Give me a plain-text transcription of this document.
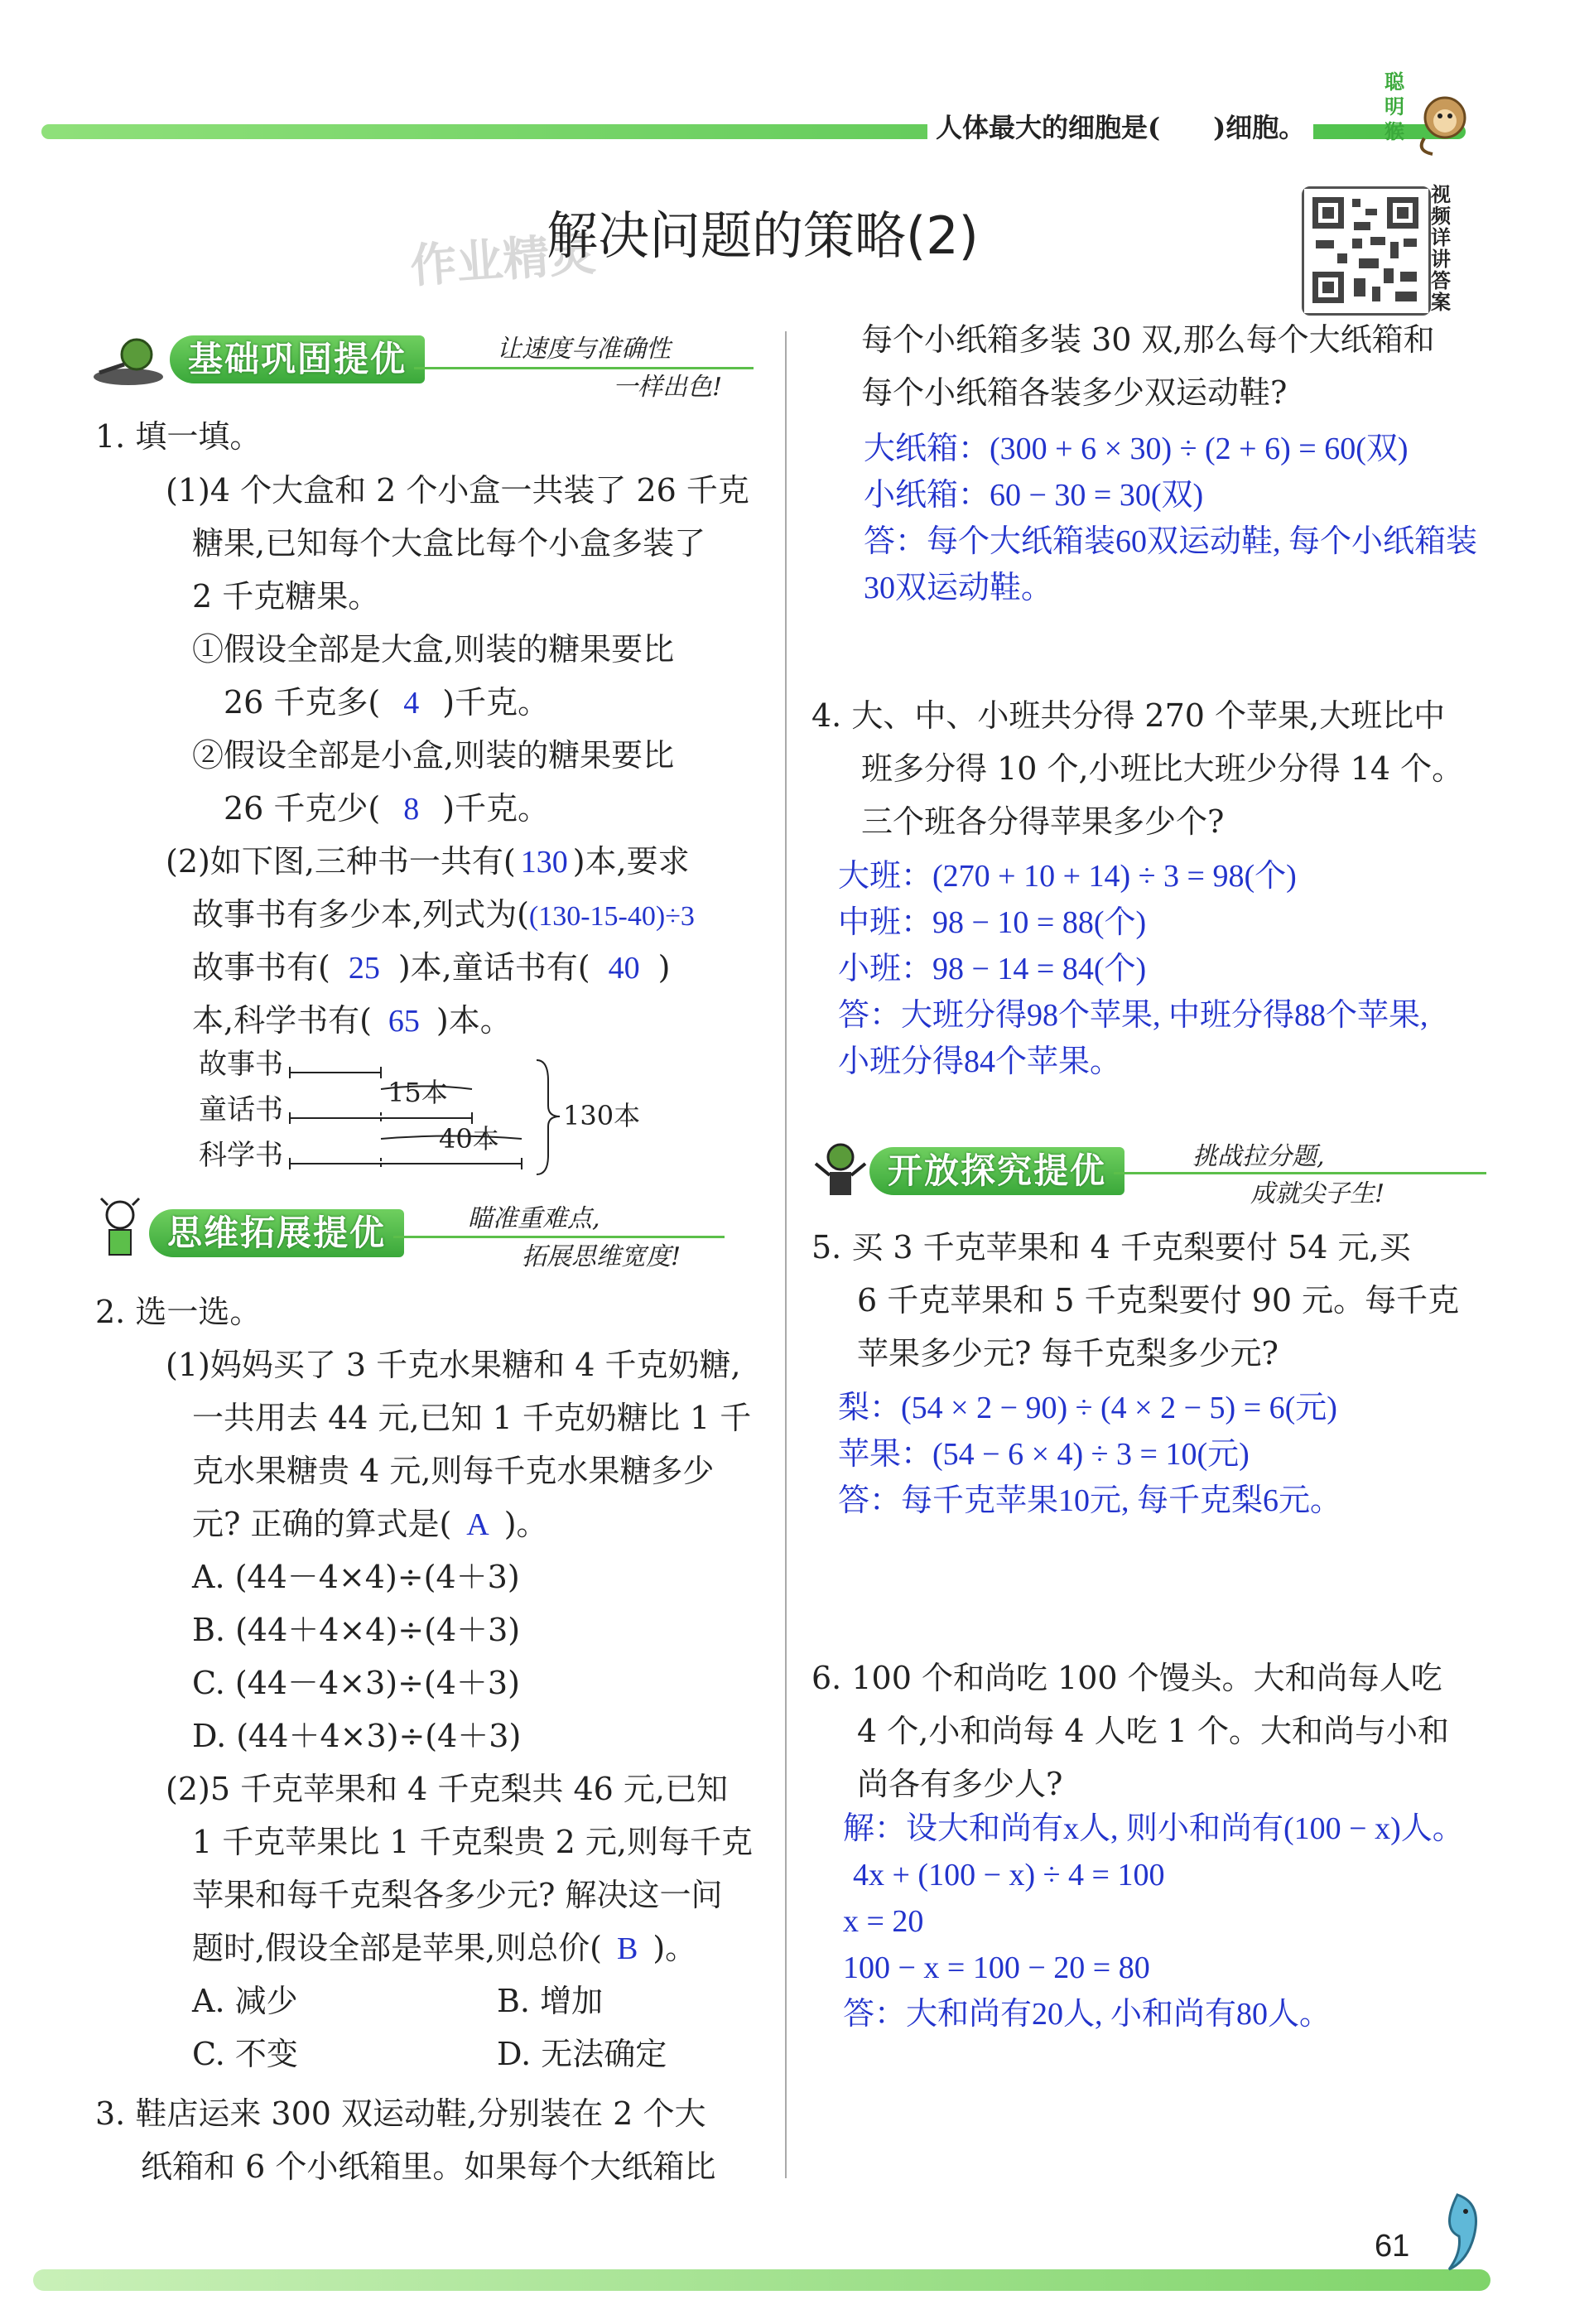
人体最大的细胞是(　　)细胞。
聪明猴
作业精灵
解决问题的策略(2)
视频详讲答案
基础巩固提优	让速度与准确性
一样出色!
1. 填一填。
(1)4 个大盒和 2 个小盒一共装了 26 千克
糖果,已知每个大盒比每个小盒多装了
2 千克糖果。
①假设全部是大盒,则装的糖果要比
26 千克多( 4 )千克。
②假设全部是小盒,则装的糖果要比
26 千克少( 8 )千克。
(2)如下图,三种书一共有( 130 )本,要求
故事书有多少本,列式为((130-15-40)÷3
故事书有( 25 )本,童话书有( 40 )
本,科学书有( 65 )本。
故事书
童话书
科学书
15本
40本
130本
思维拓展提优	瞄准重难点,
拓展思维宽度!
2. 选一选。
(1)妈妈买了 3 千克水果糖和 4 千克奶糖,
一共用去 44 元,已知 1 千克奶糖比 1 千
克水果糖贵 4 元,则每千克水果糖多少
元? 正确的算式是( A )。
A. (44－4×4)÷(4＋3)
B. (44＋4×4)÷(4＋3)
C. (44－4×3)÷(4＋3)
D. (44＋4×3)÷(4＋3)
(2)5 千克苹果和 4 千克梨共 46 元,已知
1 千克苹果比 1 千克梨贵 2 元,则每千克
苹果和每千克梨各多少元? 解决这一问
题时,假设全部是苹果,则总价( B )。
A. 减少	B. 增加
C. 不变	D. 无法确定
3. 鞋店运来 300 双运动鞋,分别装在 2 个大
纸箱和 6 个小纸箱里。如果每个大纸箱比
每个小纸箱多装 30 双,那么每个大纸箱和
每个小纸箱各装多少双运动鞋?
大纸箱：(300 + 6 × 30) ÷ (2 + 6) = 60(双)
小纸箱：60 − 30 = 30(双)
答：每个大纸箱装60双运动鞋, 每个小纸箱装
30双运动鞋。
4. 大、中、小班共分得 270 个苹果,大班比中
班多分得 10 个,小班比大班少分得 14 个。
三个班各分得苹果多少个?
大班：(270 + 10 + 14) ÷ 3 = 98(个)
中班：98 − 10 = 88(个)
小班：98 − 14 = 84(个)
答：大班分得98个苹果, 中班分得88个苹果,
小班分得84个苹果。
开放探究提优	挑战拉分题,
成就尖子生!
5. 买 3 千克苹果和 4 千克梨要付 54 元,买
6 千克苹果和 5 千克梨要付 90 元。每千克
苹果多少元? 每千克梨多少元?
梨：(54 × 2 − 90) ÷ (4 × 2 − 5) = 6(元)
苹果：(54 − 6 × 4) ÷ 3 = 10(元)
答：每千克苹果10元, 每千克梨6元。
6. 100 个和尚吃 100 个馒头。大和尚每人吃
4 个,小和尚每 4 人吃 1 个。大和尚与小和
尚各有多少人?
解：设大和尚有x人, 则小和尚有(100 − x)人。
4x + (100 − x) ÷ 4 = 100
x = 20
100 − x = 100 − 20 = 80
答：大和尚有20人, 小和尚有80人。
61
